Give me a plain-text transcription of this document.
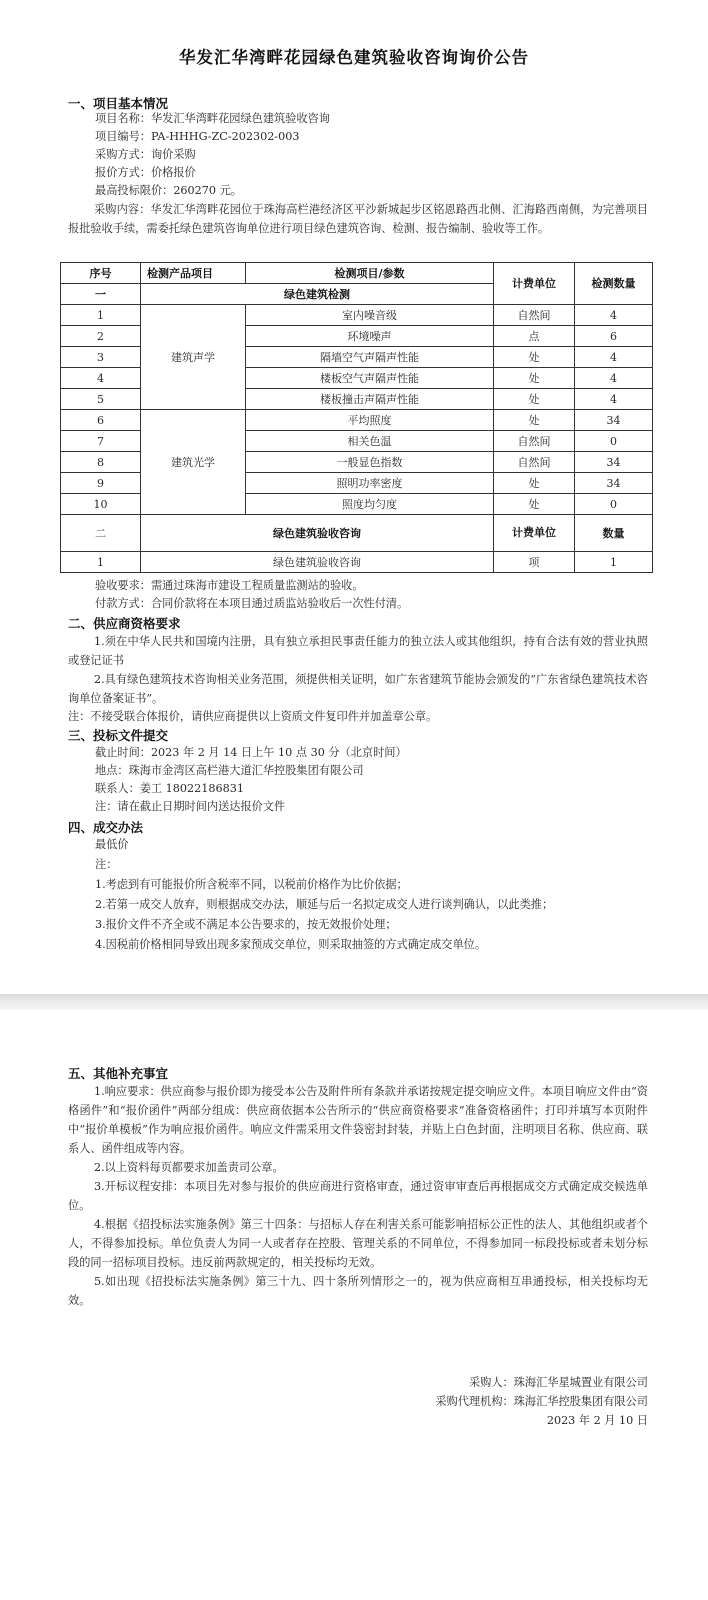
华发汇华湾畔花园绿色建筑验收咨询询价公告
一、项目基本情况
项目名称：华发汇华湾畔花园绿色建筑验收咨询
项目编号：PA-HHHG-ZC-202302-003
采购方式：询价采购
报价方式：价格报价
最高投标限价：260270 元。
采购内容：华发汇华湾畔花园位于珠海高栏港经济区平沙新城起步区铭恩路西北侧、汇海路西南侧，为完善项目报批验收手续，需委托绿色建筑咨询单位进行项目绿色建筑咨询、检测、报告编制、验收等工作。
序号	检测产品项目	检测项目/参数	计费单位	检测数量
一	绿色建筑检测			
1	建筑声学	室内噪音级	自然间	4
2		环境噪声	点	6
3		隔墙空气声隔声性能	处	4
4		楼板空气声隔声性能	处	4
5		楼板撞击声隔声性能	处	4
6	建筑光学	平均照度	处	34
7		相关色温	自然间	0
8		一般显色指数	自然间	34
9		照明功率密度	处	34
10		照度均匀度	处	0
二	绿色建筑验收咨询		计费单位	数量
1	绿色建筑验收咨询		项	1
验收要求：需通过珠海市建设工程质量监测站的验收。
付款方式：合同价款将在本项目通过质监站验收后一次性付清。
二、供应商资格要求
1.须在中华人民共和国境内注册，具有独立承担民事责任能力的独立法人或其他组织，持有合法有效的营业执照或登记证书
2.具有绿色建筑技术咨询相关业务范围，须提供相关证明，如广东省建筑节能协会颁发的“广东省绿色建筑技术咨询单位备案证书”。
注：不接受联合体报价，请供应商提供以上资质文件复印件并加盖章公章。
三、投标文件提交
截止时间：2023 年 2 月 14 日上午 10 点 30 分（北京时间）
地点：珠海市金湾区高栏港大道汇华控股集团有限公司
联系人：姜工 18022186831
注：请在截止日期时间内送达报价文件
四、成交办法
最低价
注：
1.考虑到有可能报价所含税率不同，以税前价格作为比价依据；
2.若第一成交人放弃，则根据成交办法，顺延与后一名拟定成交人进行谈判确认，以此类推；
3.报价文件不齐全或不满足本公告要求的，按无效报价处理；
4.因税前价格相同导致出现多家预成交单位，则采取抽签的方式确定成交单位。
五、其他补充事宜
1.响应要求：供应商参与报价即为接受本公告及附件所有条款并承诺按规定提交响应文件。本项目响应文件由“资格函件”和“报价函件”两部分组成：供应商依据本公告所示的“供应商资格要求”准备资格函件；打印并填写本页附件中“报价单模板”作为响应报价函件。响应文件需采用文件袋密封封装，并贴上白色封面，注明项目名称、供应商、联系人、函件组成等内容。
2.以上资料每页都要求加盖责司公章。
3.开标议程安排：本项目先对参与报价的供应商进行资格审查，通过资审审查后再根据成交方式确定成交候选单位。
4.根据《招投标法实施条例》第三十四条：与招标人存在利害关系可能影响招标公正性的法人、其他组织或者个人，不得参加投标。单位负责人为同一人或者存在控股、管理关系的不同单位，不得参加同一标段投标或者未划分标段的同一招标项目投标。违反前两款规定的，相关投标均无效。
5.如出现《招投标法实施条例》第三十九、四十条所列情形之一的，视为供应商相互串通投标，相关投标均无效。
采购人：珠海汇华星城置业有限公司
采购代理机构：珠海汇华控股集团有限公司
2023 年 2 月 10 日
